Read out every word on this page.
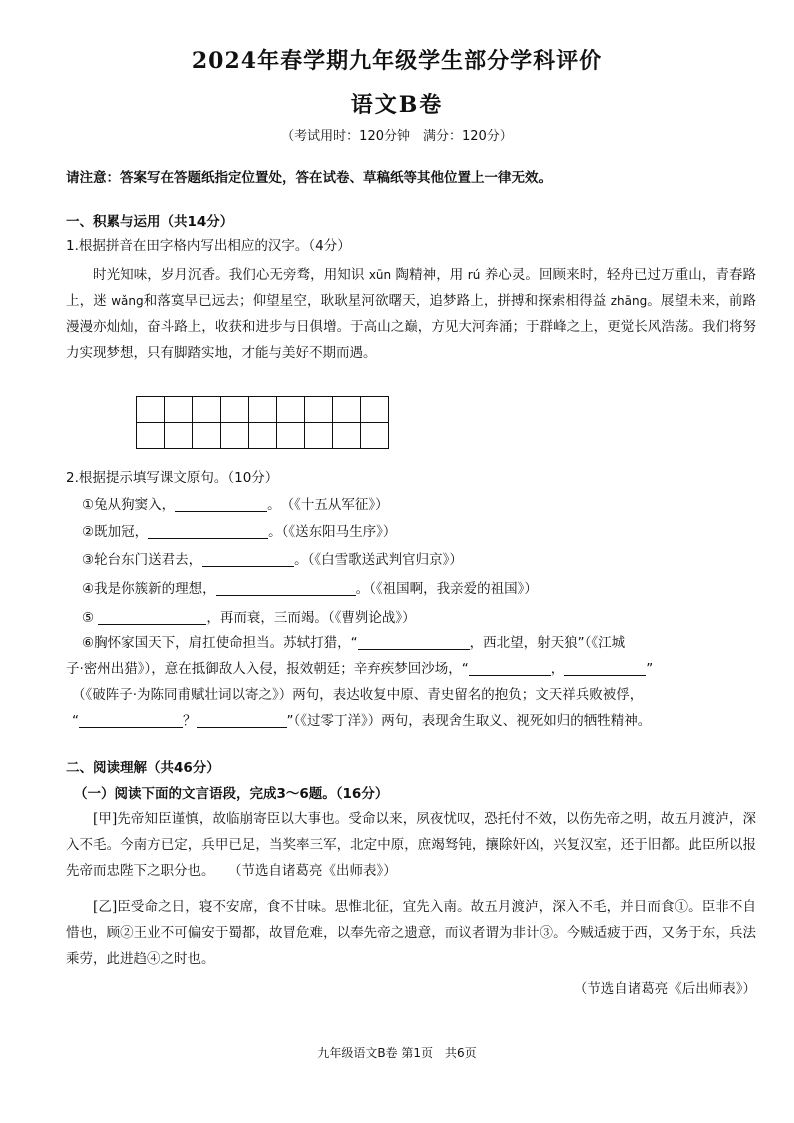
2024年春学期九年级学生部分学科评价
语文B卷
（考试用时：120分钟　满分：120分）
请注意：答案写在答题纸指定位置处，答在试卷、草稿纸等其他位置上一律无效。
一、积累与运用（共14分）
1.根据拼音在田字格内写出相应的汉字。（4分）

时光知味，岁月沉香。我们心无旁骛，用知识 xūn 陶精神，用 rú 养心灵。回顾来时，轻舟已过万重山，青春路上，迷 wǎng和落寞早已远去；仰望星空，耿耿星河欲曙天，追梦路上，拼搏和探索相得益 zhāng。展望未来，前路漫漫亦灿灿，奋斗路上，收获和进步与日俱增。于高山之巅，方见大河奔涌；于群峰之上，更觉长风浩荡。我们将努力实现梦想，只有脚踏实地，才能与美好不期而遇。

2.根据提示填写课文原句。（10分）
①兔从狗窦入，	。　（《十五从军征》）
②既加冠，	。（《送东阳马生序》）
③轮台东门送君去，	。（《白雪歌送武判官归京》）
④我是你簇新的理想，	。（《祖国啊，我亲爱的祖国》）
⑤	，再而衰，三而竭。（《曹刿论战》）
⑥胸怀家国天下，肩扛使命担当。苏轼打猎，“	，西北望，射天狼”（《江城
子·密州出猎》），意在抵御敌人入侵，报效朝廷；辛弃疾梦回沙场，“	，	”
（《破阵子·为陈同甫赋壮词以寄之》）两句，表达收复中原、青史留名的抱负；文天祥兵败被俘，
“	？	”（《过零丁洋》）两句，表现舍生取义、视死如归的牺牲精神。
二、阅读理解（共46分）
（一）阅读下面的文言语段，完成3～6题。（16分）

[甲]先帝知臣谨慎，故临崩寄臣以大事也。受命以来，夙夜忧叹，恐托付不效，以伤先帝之明，故五月渡泸，深入不毛。今南方已定，兵甲已足，当奖率三军，北定中原，庶竭驽钝，攘除奸凶，兴复汉室，还于旧都。此臣所以报先帝而忠陛下之职分也。　　 （节选自诸葛亮《出师表》）

[乙]臣受命之日，寝不安席，食不甘味。思惟北征，宜先入南。故五月渡泸，深入不毛，并日而食①。臣非不自惜也，顾②王业不可偏安于蜀都，故冒危难，以奉先帝之遗意，而议者谓为非计③。今贼适疲于西，又务于东，兵法乘劳，此进趋④之时也。

（节选自诸葛亮《后出师表》）
九年级语文B卷 第1页　共6页
